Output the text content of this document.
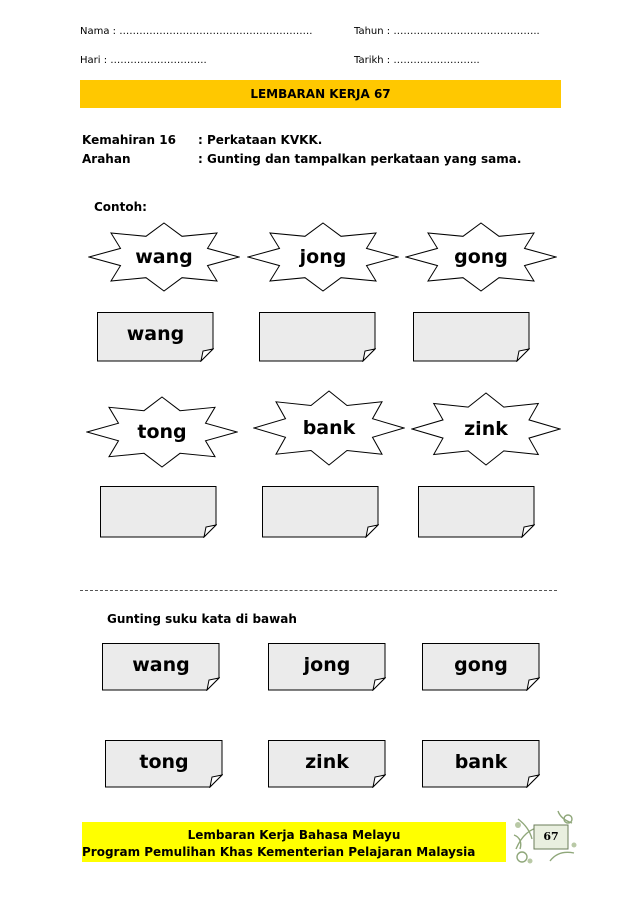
Nama : ………………………………………………….	Tahun : ……………………………………..
Hari : ………………………..	Tarikh : ……………………..
LEMBARAN KERJA 67
Kemahiran 16 : Perkataan KVKK.
Arahan	: Gunting dan tampalkan perkataan yang sama.
Contoh:
wang	jong	gong
wang
tong	bank	zink
Gunting suku kata di bawah
wang	jong	gong
tong	zink	bank
Lembaran Kerja Bahasa Melayu
Program Pemulihan Khas Kementerian Pelajaran Malaysia
67
